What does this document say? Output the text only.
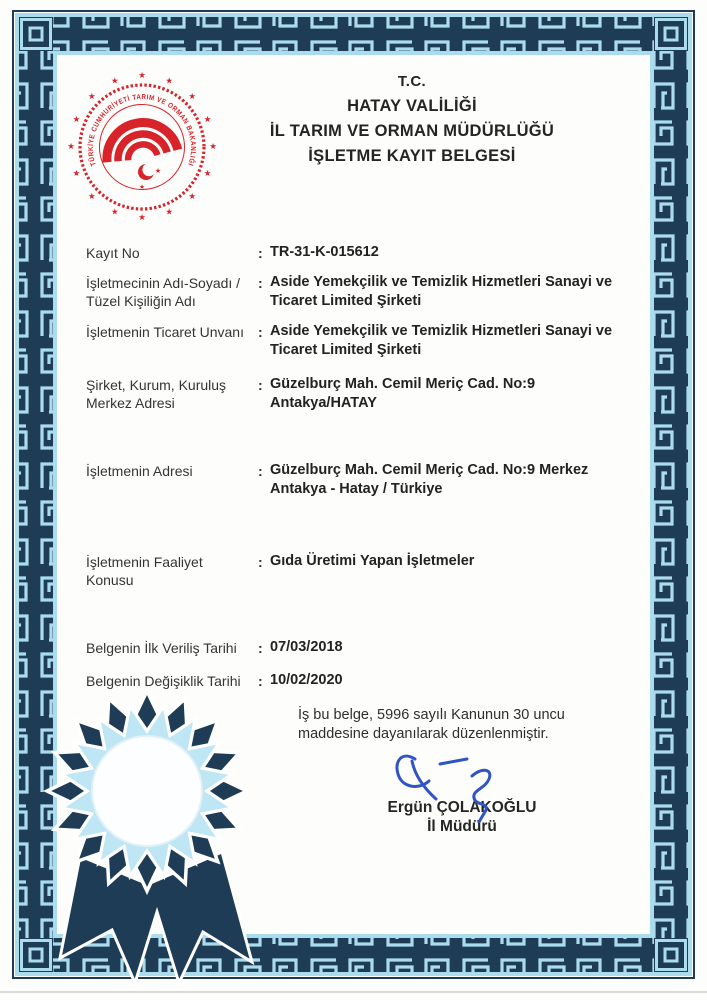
★
★
★
★
★
★
★
★
★
★
★
★
★
★
★
★
TÜRKİYE CUMHURİYETİ TARIM VE ORMAN BAKANLIĞI
★
★
T.C.
HATAY VALİLİĞİ
İL TARIM VE ORMAN MÜDÜRLÜĞÜ
İŞLETME KAYIT BELGESİ
Kayıt No	: TR-31-K-015612
İşletmecinin Adı-Soyadı / Tüzel Kişiliğin Adı
: Aside Yemekçilik ve Temizlik Hizmetleri Sanayi ve Ticaret Limited Şirketi
İşletmenin Ticaret Unvanı	: Aside Yemekçilik ve Temizlik Hizmetleri Sanayi ve Ticaret Limited Şirketi
Şirket, Kurum, Kuruluş Merkez Adresi
: Güzelburç Mah. Cemil Meriç Cad. No:9 Antakya/HATAY
İşletmenin Adresi	: Güzelburç Mah. Cemil Meriç Cad. No:9 Merkez Antakya - Hatay / Türkiye
İşletmenin Faaliyet Konusu
: Gıda Üretimi Yapan İşletmeler
Belgenin İlk Veriliş Tarihi	: 07/03/2018
Belgenin Değişiklik Tarihi	: 10/02/2020
İş bu belge, 5996 sayılı Kanunun 30 uncu maddesine dayanılarak düzenlenmiştir.
Ergün ÇOLAKOĞLU
İl Müdürü
